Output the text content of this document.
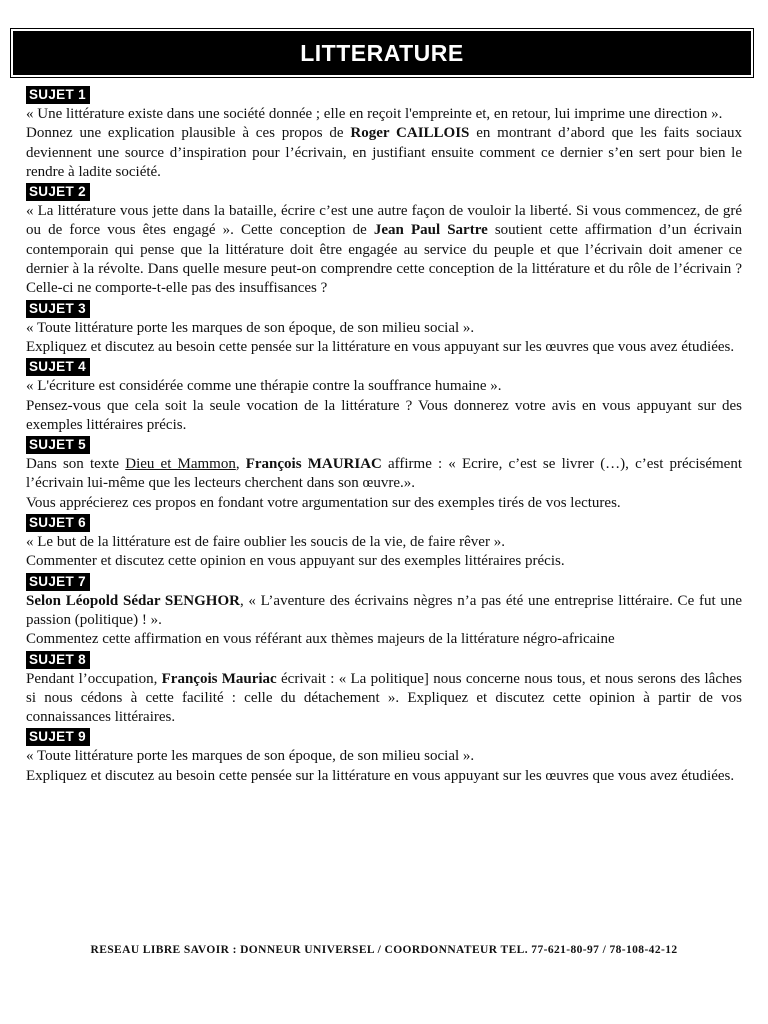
LITTERATURE
SUJET 1

« Une littérature existe dans une société donnée ; elle en reçoit l'empreinte et, en retour, lui imprime une direction ».

Donnez une explication plausible à ces propos de Roger CAILLOIS en montrant d’abord que les faits sociaux deviennent une source d’inspiration pour l’écrivain, en justifiant ensuite comment ce dernier s’en sert pour bien le rendre à ladite société.

SUJET 2

« La littérature vous jette dans la bataille, écrire c’est une autre façon de vouloir la liberté. Si vous commencez, de gré ou de force vous êtes engagé ». Cette conception de Jean Paul Sartre soutient cette affirmation d’un écrivain contemporain qui pense que la littérature doit être engagée au service du peuple et que l’écrivain doit amener ce dernier à la révolte. Dans quelle mesure peut-on comprendre cette conception de la littérature et du rôle de l’écrivain ? Celle-ci ne comporte-t-elle pas des insuffisances ?

SUJET 3

« Toute littérature porte les marques de son époque, de son milieu social ».

Expliquez et discutez au besoin cette pensée sur la littérature en vous appuyant sur les œuvres que vous avez étudiées.

SUJET 4

« L'écriture est considérée comme une thérapie contre la souffrance humaine ».

Pensez-vous que cela soit la seule vocation de la littérature ? Vous donnerez votre avis en vous appuyant sur des exemples littéraires précis.

SUJET 5

Dans son texte Dieu et Mammon, François MAURIAC affirme : « Ecrire, c’est se livrer (…), c’est précisément l’écrivain lui-même que les lecteurs cherchent dans son œuvre.».

Vous apprécierez ces propos en fondant votre argumentation sur des exemples tirés de vos lectures.

SUJET 6

« Le but de la littérature est de faire oublier les soucis de la vie, de faire rêver ».

Commenter et discutez cette opinion en vous appuyant sur des exemples littéraires précis.

SUJET 7

Selon Léopold Sédar SENGHOR, « L’aventure des écrivains nègres n’a pas été une entreprise littéraire. Ce fut une passion (politique) ! ».

Commentez cette affirmation en vous référant aux thèmes majeurs de la littérature négro-africaine

SUJET 8

Pendant l’occupation, François Mauriac écrivait : « La politique] nous concerne nous tous, et nous serons des lâches si nous cédons à cette facilité : celle du détachement ». Expliquez et discutez cette opinion à partir de vos connaissances littéraires.

SUJET 9

« Toute littérature porte les marques de son époque, de son milieu social ».

Expliquez et discutez au besoin cette pensée sur la littérature en vous appuyant sur les œuvres que vous avez étudiées.

RESEAU LIBRE SAVOIR : DONNEUR UNIVERSEL / COORDONNATEUR TEL. 77-621-80-97 / 78-108-42-12
